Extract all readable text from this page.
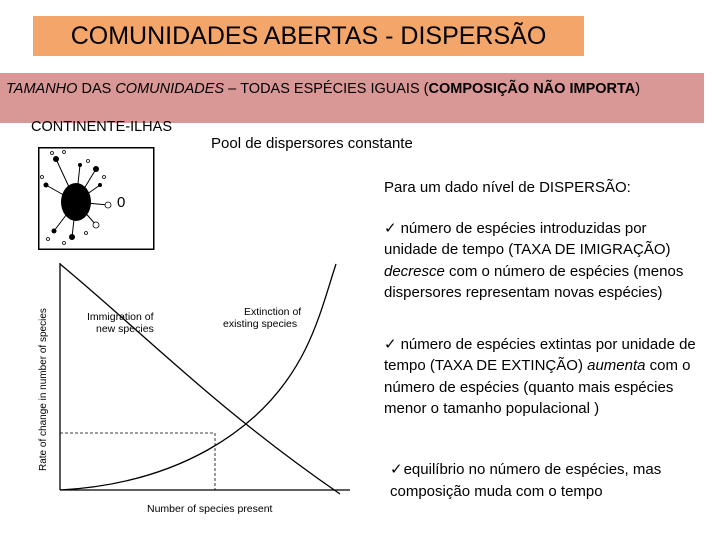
COMUNIDADES ABERTAS - DISPERSÃO
TAMANHO DAS COMUNIDADES – TODAS ESPÉCIES IGUAIS (COMPOSIÇÃO NÃO IMPORTA)
CONTINENTE-ILHAS
Pool de dispersores constante
0
Immigration of
new species
Extinction of
existing species
Rate of change in number of species
Number of species present

Para um dado nível de DISPERSÃO:

✓ número de espécies introduzidas por unidade de tempo (TAXA DE IMIGRAÇÃO) decresce com o número de espécies (menos dispersores representam novas espécies)

✓ número de espécies extintas por unidade de tempo (TAXA DE EXTINÇÃO) aumenta com o número de espécies (quanto mais espécies menor o tamanho populacional )

✓equilíbrio no número de espécies, mas composição muda com o tempo
